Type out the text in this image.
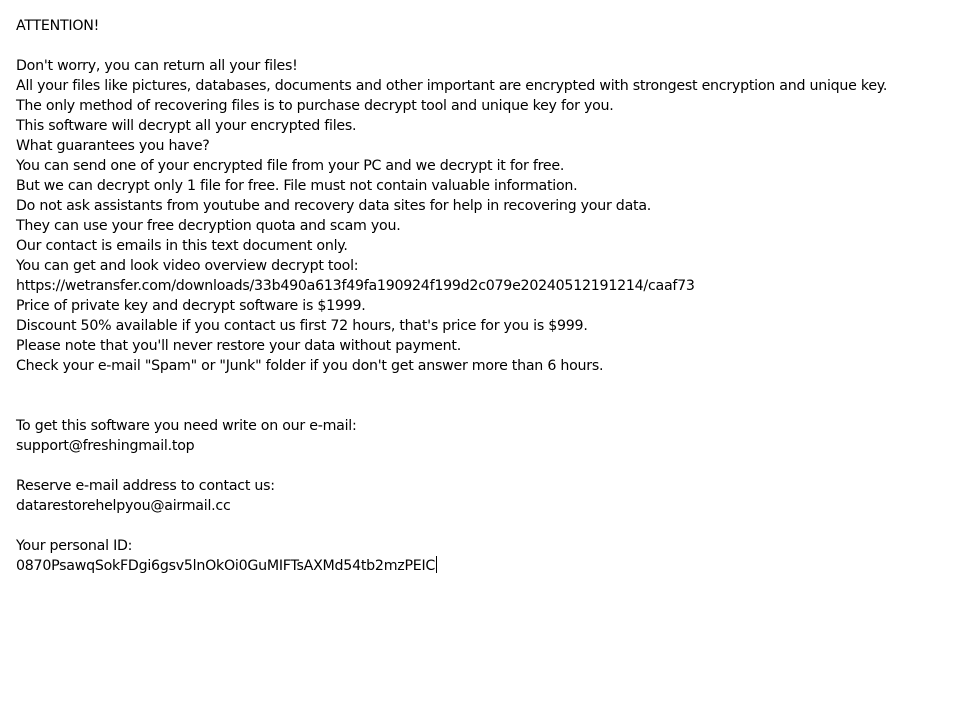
ATTENTION!
Don't worry, you can return all your files!
All your files like pictures, databases, documents and other important are encrypted with strongest encryption and unique key.
The only method of recovering files is to purchase decrypt tool and unique key for you.
This software will decrypt all your encrypted files.
What guarantees you have?
You can send one of your encrypted file from your PC and we decrypt it for free.
But we can decrypt only 1 file for free. File must not contain valuable information.
Do not ask assistants from youtube and recovery data sites for help in recovering your data.
They can use your free decryption quota and scam you.
Our contact is emails in this text document only.
You can get and look video overview decrypt tool:
https://wetransfer.com/downloads/33b490a613f49fa190924f199d2c079e20240512191214/caaf73
Price of private key and decrypt software is $1999.
Discount 50% available if you contact us first 72 hours, that's price for you is $999.
Please note that you'll never restore your data without payment.
Check your e-mail "Spam" or "Junk" folder if you don't get answer more than 6 hours.
To get this software you need write on our e-mail:
support@freshingmail.top
Reserve e-mail address to contact us:
datarestorehelpyou@airmail.cc
Your personal ID:
0870PsawqSokFDgi6gsv5lnOkOi0GuMIFTsAXMd54tb2mzPEIC
